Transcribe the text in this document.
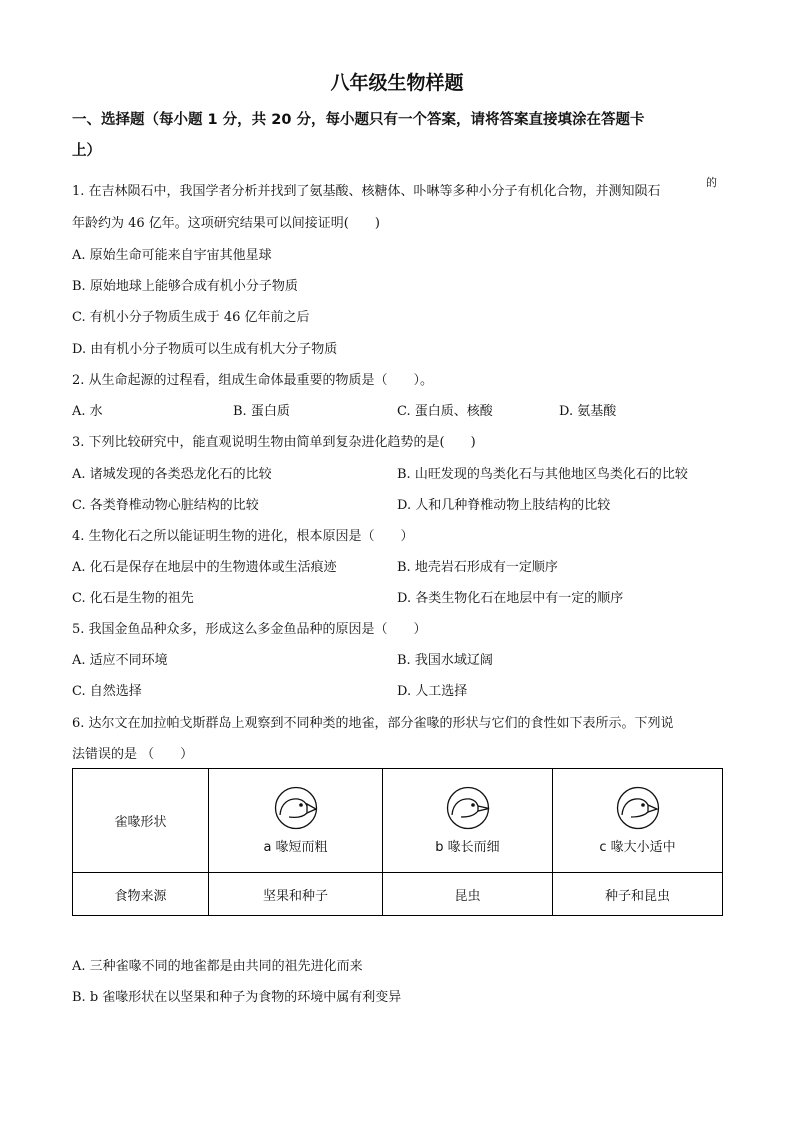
八年级生物样题
一、选择题（每小题 1 分，共 20 分，每小题只有一个答案，请将答案直接填涂在答题卡
上）
1. 在吉林陨石中，我国学者分析并找到了氨基酸、核糖体、卟啉等多种小分子有机化合物，并测知陨石
的
年龄约为 46 亿年。这项研究结果可以间接证明(　　)
A. 原始生命可能来自宇宙其他星球
B. 原始地球上能够合成有机小分子物质
C. 有机小分子物质生成于 46 亿年前之后
D. 由有机小分子物质可以生成有机大分子物质
2. 从生命起源的过程看，组成生命体最重要的物质是（　　）。
A. 水	B. 蛋白质	C. 蛋白质、核酸	D. 氨基酸
3. 下列比较研究中，能直观说明生物由简单到复杂进化趋势的是(　　)
A. 诸城发现的各类恐龙化石的比较	B. 山旺发现的鸟类化石与其他地区鸟类化石的比较
C. 各类脊椎动物心脏结构的比较	D. 人和几种脊椎动物上肢结构的比较
4. 生物化石之所以能证明生物的进化，根本原因是（　　）
A. 化石是保存在地层中的生物遗体或生活痕迹	B. 地壳岩石形成有一定顺序
C. 化石是生物的祖先	D. 各类生物化石在地层中有一定的顺序
5. 我国金鱼品种众多，形成这么多金鱼品种的原因是（　　）
A. 适应不同环境	B. 我国水域辽阔
C. 自然选择	D. 人工选择
6. 达尔文在加拉帕戈斯群岛上观察到不同种类的地雀，部分雀喙的形状与它们的食性如下表所示。下列说
法错误的是 （　　）
雀喙形状	a 喙短而粗	b 喙长而细	c 喙大小适中

食物来源	坚果和种子	昆虫	种子和昆虫
A. 三种雀喙不同的地雀都是由共同的祖先进化而来
B. b 雀喙形状在以坚果和种子为食物的环境中属有利变异
